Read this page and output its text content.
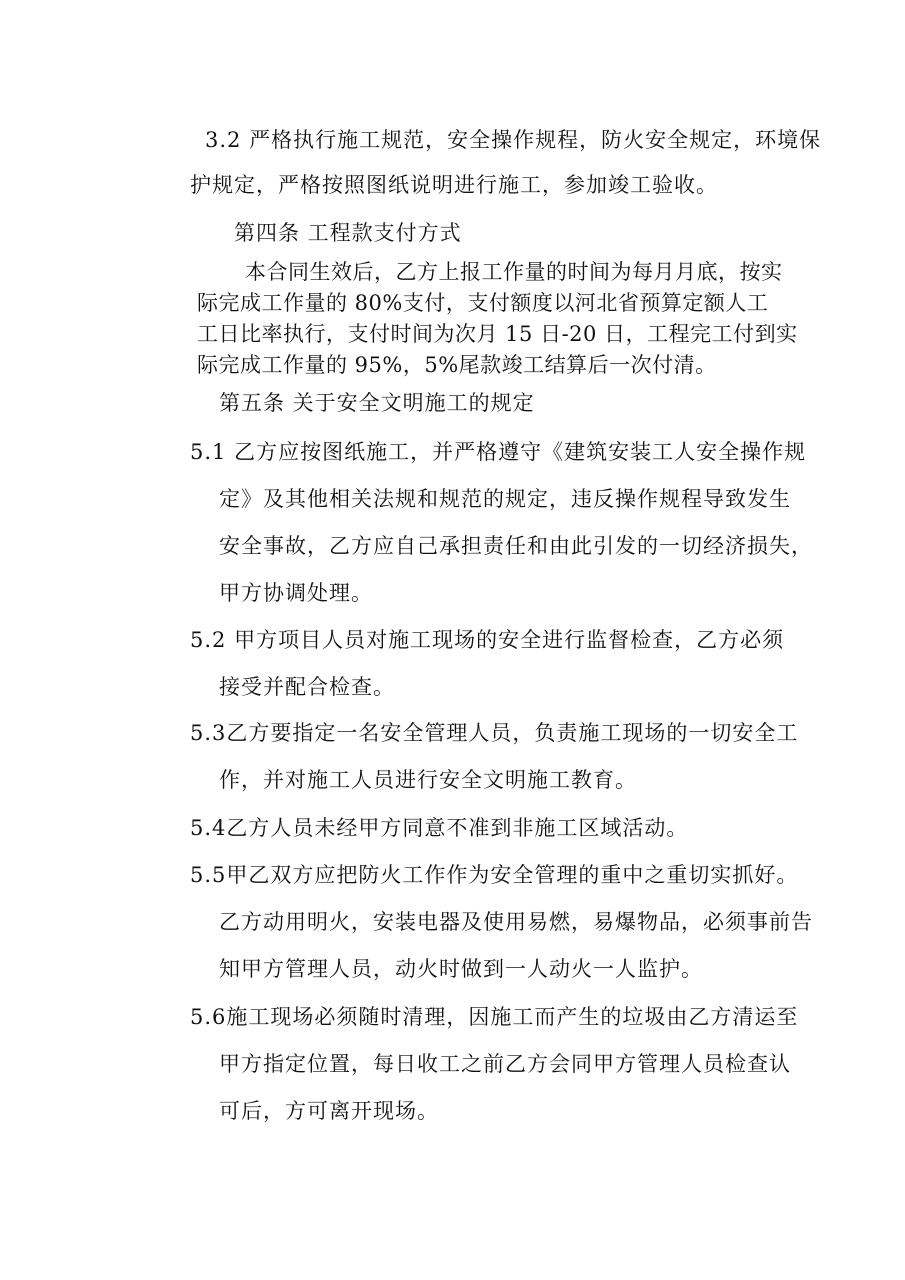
3.2 严格执行施工规范，安全操作规程，防火安全规定，环境保

护规定，严格按照图纸说明进行施工，参加竣工验收。

第四条 工程款支付方式

本合同生效后，乙方上报工作量的时间为每月月底，按实

际完成工作量的 80%支付，支付额度以河北省预算定额人工

工日比率执行，支付时间为次月 15 日-20 日，工程完工付到实

际完成工作量的 95%，5%尾款竣工结算后一次付清。

第五条 关于安全文明施工的规定

5.1 乙方应按图纸施工，并严格遵守《建筑安装工人安全操作规

定》及其他相关法规和规范的规定，违反操作规程导致发生

安全事故，乙方应自己承担责任和由此引发的一切经济损失，

甲方协调处理。

5.2 甲方项目人员对施工现场的安全进行监督检查，乙方必须

接受并配合检查。

5.3乙方要指定一名安全管理人员，负责施工现场的一切安全工

作，并对施工人员进行安全文明施工教育。

5.4乙方人员未经甲方同意不准到非施工区域活动。

5.5甲乙双方应把防火工作作为安全管理的重中之重切实抓好。

乙方动用明火，安装电器及使用易燃，易爆物品，必须事前告

知甲方管理人员，动火时做到一人动火一人监护。

5.6施工现场必须随时清理，因施工而产生的垃圾由乙方清运至

甲方指定位置，每日收工之前乙方会同甲方管理人员检查认

可后，方可离开现场。
